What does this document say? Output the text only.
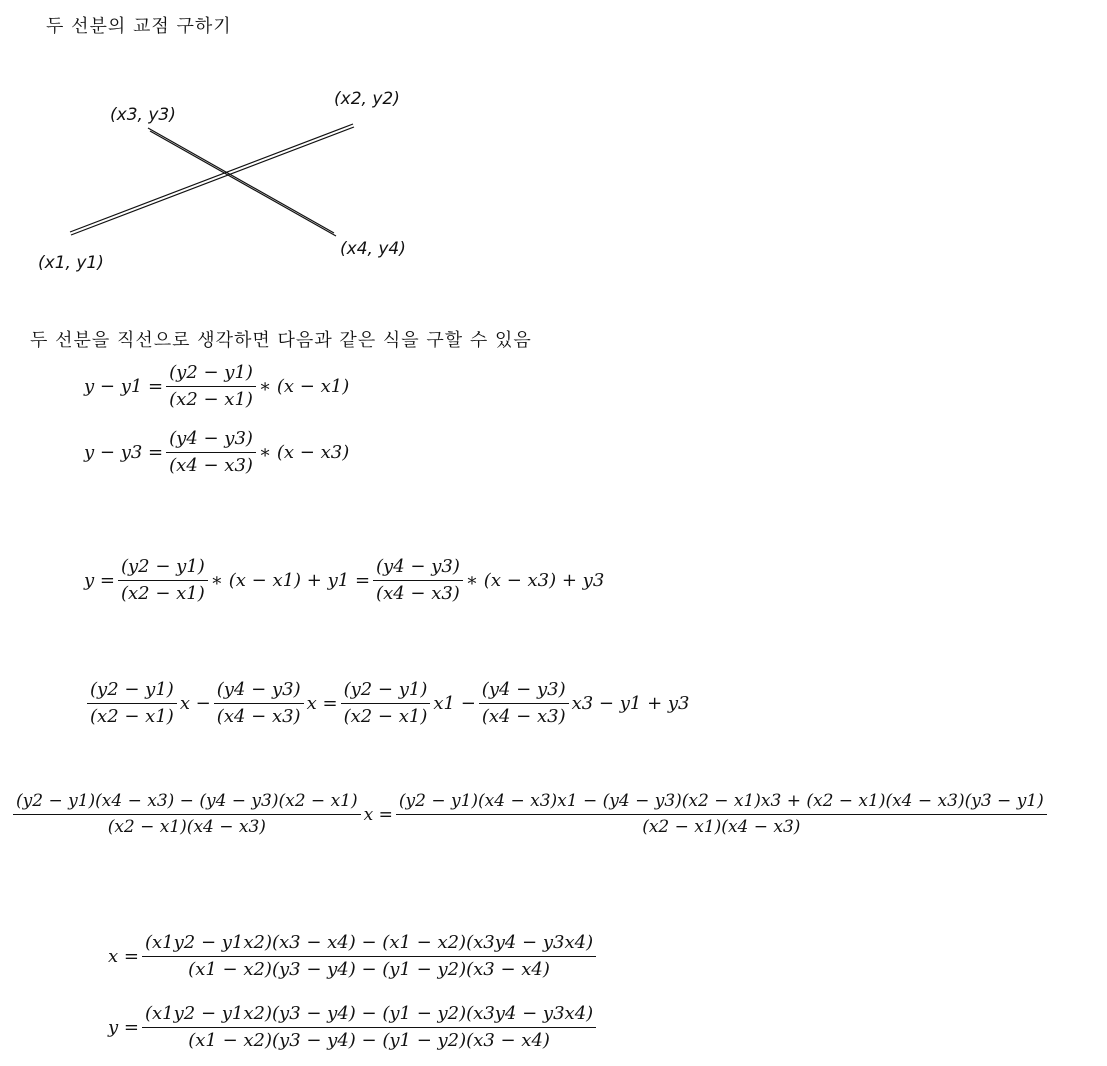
두 선분의 교점 구하기
(x3, y3)
(x2, y2)
(x1, y1)
(x4, y4)
두 선분을 직선으로 생각하면 다음과 같은 식을 구할 수 있음
$y - y1 = \frac{(y2 - y1)}{(x2 - x1)}$ ∗ (x − x1)
$y - y3 = \frac{(y4 - y3)}{(x4 - x3)}$ ∗ (x − x3)
$y = \frac{(y2 - y1)}{(x2 - x1)}$ ∗ $(x - x1) + y1 = \frac{(y4 - y3)}{(x4 - x3)}$ ∗ (x − x3) + y3
$\frac{(y2 - y1)}{(x2 - x1)}$ $x - \frac{(y4 - y3)}{(x4 - x3)}$ $x = \frac{(y2 - y1)}{(x2 - x1)} x1 - \frac{(y4 - y3)}{(x4 - x3)} x3 - y1 + y3$
$\frac{(y2 - y1)(x4 - x3) - (y4 - y3)(x2 - x1)}{(x2 - x1)(x4 - x3)}$ x =
(y2 − y1)(x4 − x3)x1 − (y4 − y3)(x2 − x1)x3 + (x2 − x1)(x4 − x3)(y3 − y1)
(x2 − x1)(x4 − x3)
$x = \frac{(x1y2 - y1x2)(x3 - x4) - (x1 - x2)(x3y4 - y3x4)}{(x1 - x2)(y3 - y4) - (y1 - y2)(x3 - x4)}$
$y = \frac{(x1y2 - y1x2)(y3 - y4) - (y1 - y2)(x3y4 - y3x4)}{(x1 - x2)(y3 - y4) - (y1 - y2)(x3 - x4)}$
